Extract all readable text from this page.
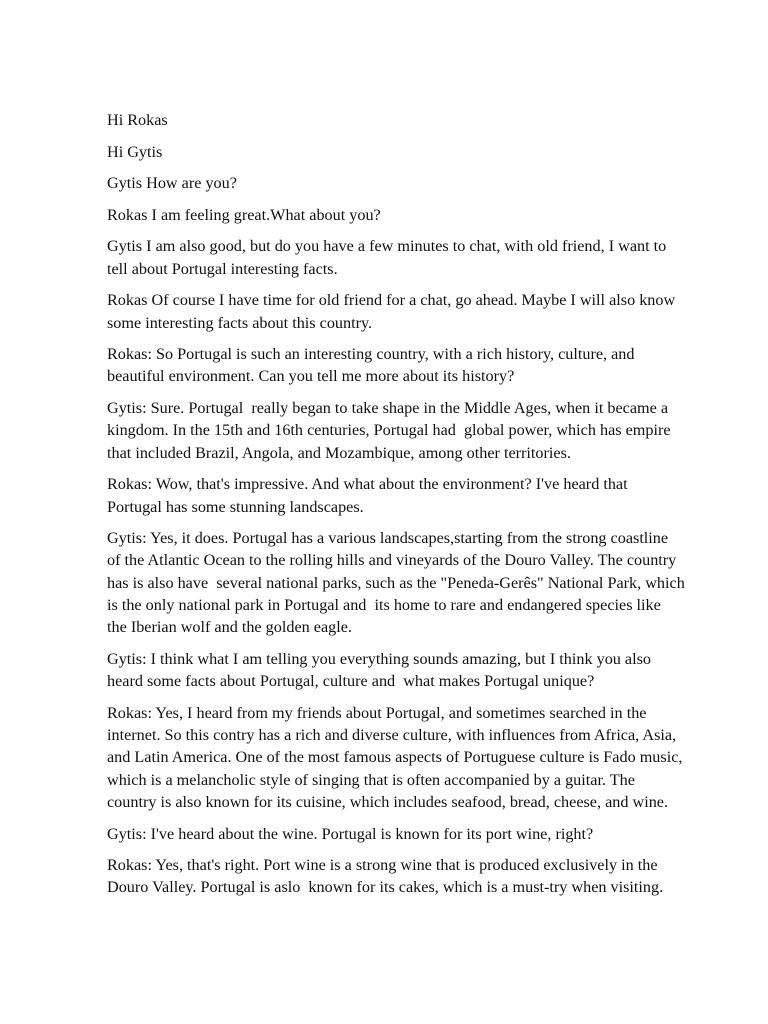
Hi Rokas

Hi Gytis

Gytis How are you?

Rokas I am feeling great.What about you?

Gytis I am also good, but do you have a few minutes to chat, with old friend, I want to
tell about Portugal interesting facts.

Rokas Of course I have time for old friend for a chat, go ahead. Maybe I will also know
some interesting facts about this country.

Rokas: So Portugal is such an interesting country, with a rich history, culture, and
beautiful environment. Can you tell me more about its history?

Gytis: Sure. Portugal  really began to take shape in the Middle Ages, when it became a
kingdom. In the 15th and 16th centuries, Portugal had  global power, which has empire
that included Brazil, Angola, and Mozambique, among other territories.

Rokas: Wow, that's impressive. And what about the environment? I've heard that
Portugal has some stunning landscapes.

Gytis: Yes, it does. Portugal has a various landscapes,starting from the strong coastline
of the Atlantic Ocean to the rolling hills and vineyards of the Douro Valley. The country
has is also have  several national parks, such as the "Peneda-Gerês" National Park, which
is the only national park in Portugal and  its home to rare and endangered species like
the Iberian wolf and the golden eagle.

Gytis: I think what I am telling you everything sounds amazing, but I think you also
heard some facts about Portugal, culture and  what makes Portugal unique?

Rokas: Yes, I heard from my friends about Portugal, and sometimes searched in the
internet. So this contry has a rich and diverse culture, with influences from Africa, Asia,
and Latin America. One of the most famous aspects of Portuguese culture is Fado music,
which is a melancholic style of singing that is often accompanied by a guitar. The
country is also known for its cuisine, which includes seafood, bread, cheese, and wine.

Gytis: I've heard about the wine. Portugal is known for its port wine, right?

Rokas: Yes, that's right. Port wine is a strong wine that is produced exclusively in the
Douro Valley. Portugal is aslo  known for its cakes, which is a must-try when visiting.
